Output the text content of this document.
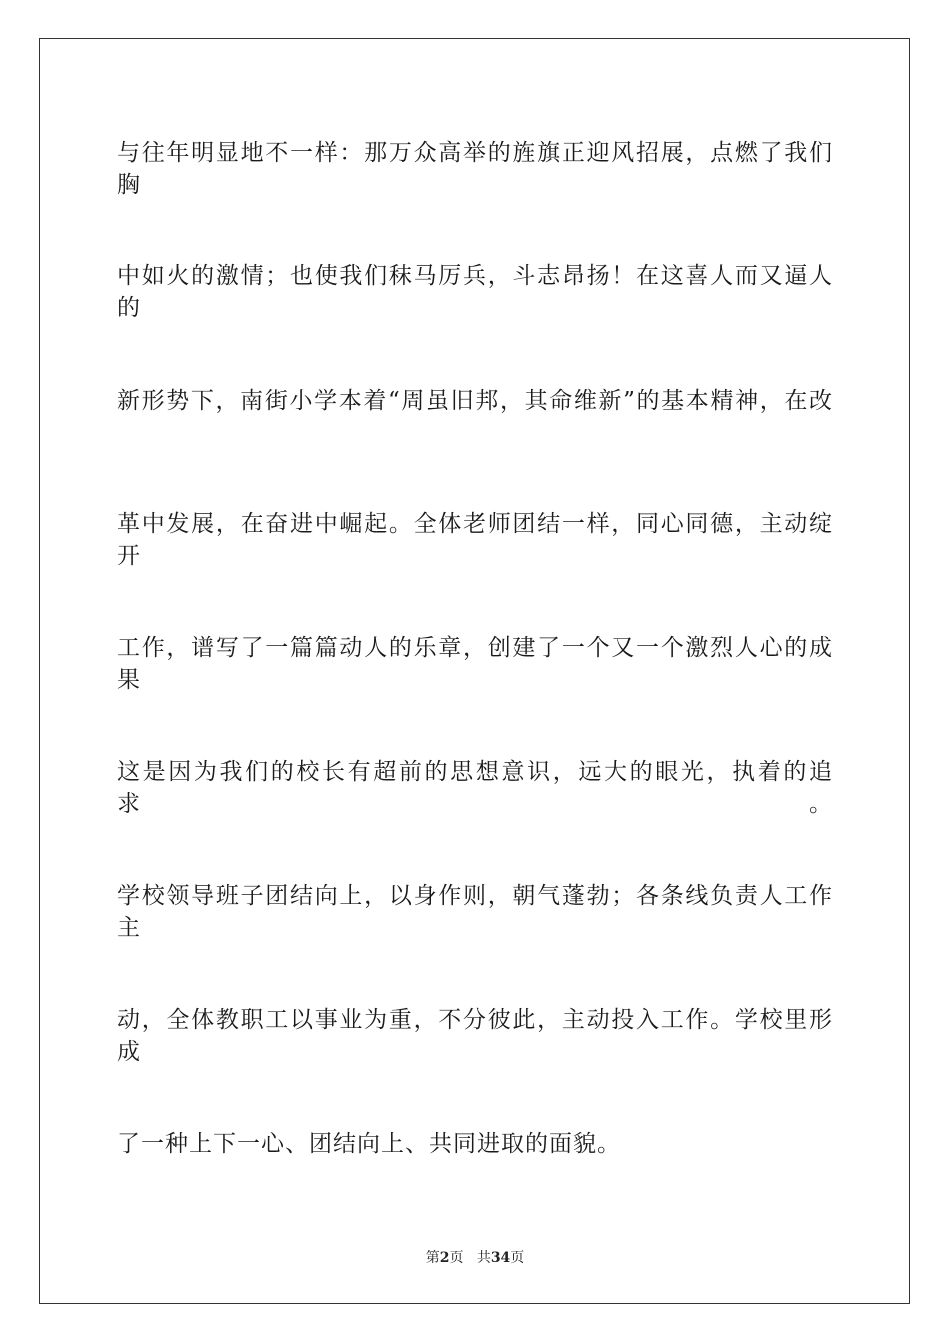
与往年明显地不一样：那万众高举的旌旗正迎风招展，点燃了我们胸
中如火的激情；也使我们秣马厉兵，斗志昂扬！在这喜人而又逼人的
新形势下，南街小学本着“周虽旧邦，其命维新”的基本精神，在改
革中发展，在奋进中崛起。全体老师团结一样，同心同德，主动绽开
工作，谱写了一篇篇动人的乐章，创建了一个又一个激烈人心的成果
这是因为我们的校长有超前的思想意识，远大的眼光，执着的追求。
学校领导班子团结向上，以身作则，朝气蓬勃；各条线负责人工作主
动，全体教职工以事业为重，不分彼此，主动投入工作。学校里形成
了一种上下一心、团结向上、共同进取的面貌。
第2页 共34页
